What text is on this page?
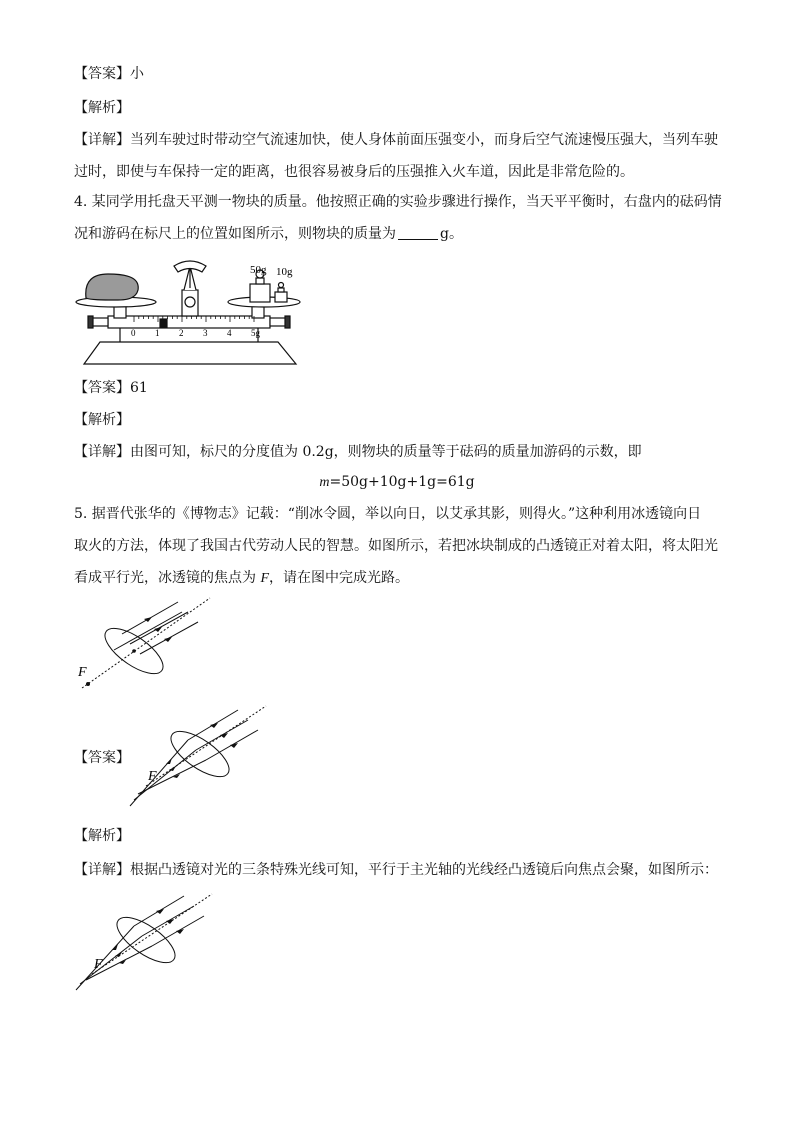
【答案】小
【解析】
【详解】当列车驶过时带动空气流速加快，使人身体前面压强变小，而身后空气流速慢压强大，当列车驶
过时，即使与车保持一定的距离，也很容易被身后的压强推入火车道，因此是非常危险的。
4. 某同学用托盘天平测一物块的质量。他按照正确的实验步骤进行操作，当天平平衡时，右盘内的砝码情
况和游码在标尺上的位置如图所示，则物块的质量为	g。
50g 10g
0 1 2 3 4 5g
【答案】61
【解析】
【详解】由图可知，标尺的分度值为 0.2g，则物块的质量等于砝码的质量加游码的示数，即
m=50g+10g+1g=61g
5. 据晋代张华的《博物志》记载：“削冰令圆，举以向日，以艾承其影，则得火。”这种利用冰透镜向日
取火的方法，体现了我国古代劳动人民的智慧。如图所示，若把冰块制成的凸透镜正对着太阳，将太阳光
看成平行光，冰透镜的焦点为 F，请在图中完成光路。
F
【答案】
F
【解析】
【详解】根据凸透镜对光的三条特殊光线可知，平行于主光轴的光线经凸透镜后向焦点会聚，如图所示：
F
